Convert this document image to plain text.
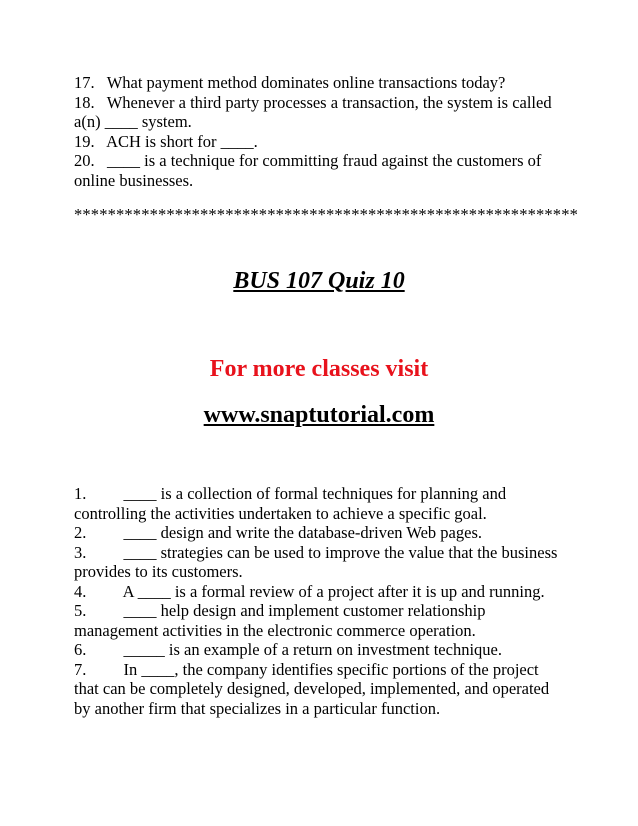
17.   What payment method dominates online transactions today?
18.   Whenever a third party processes a transaction, the system is called
a(n) ____ system.
19.   ACH is short for ____.
20.   ____ is a technique for committing fraud against the customers of
online businesses.
************************************************************
BUS 107 Quiz 10
For more classes visit
www.snaptutorial.com
1.         ____ is a collection of formal techniques for planning and
controlling the activities undertaken to achieve a specific goal.
2.         ____ design and write the database-driven Web pages.
3.         ____ strategies can be used to improve the value that the business
provides to its customers.
4.         A ____ is a formal review of a project after it is up and running.
5.         ____ help design and implement customer relationship
management activities in the electronic commerce operation.
6.         _____ is an example of a return on investment technique.
7.         In ____, the company identifies specific portions of the project
that can be completely designed, developed, implemented, and operated
by another firm that specializes in a particular function.
